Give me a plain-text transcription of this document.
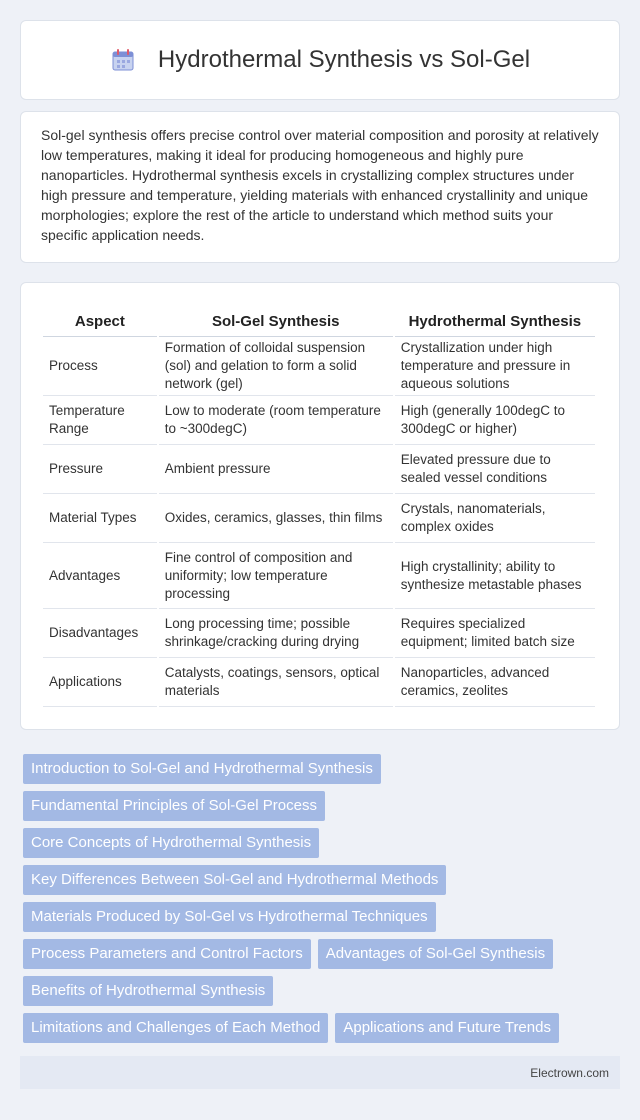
Hydrothermal Synthesis vs Sol-Gel

Sol-gel synthesis offers precise control over material composition and porosity at relatively low temperatures, making it ideal for producing homogeneous and highly pure nanoparticles. Hydrothermal synthesis excels in crystallizing complex structures under high pressure and temperature, yielding materials with enhanced crystallinity and unique morphologies; explore the rest of the article to understand which method suits your specific application needs.

Aspect	Sol-Gel Synthesis	Hydrothermal Synthesis
Process	Formation of colloidal suspension (sol) and gelation to form a solid network (gel)	Crystallization under high temperature and pressure in aqueous solutions
Temperature Range	Low to moderate (room temperature to ~300degC)	High (generally 100degC to 300degC or higher)
Pressure	Ambient pressure	Elevated pressure due to sealed vessel conditions
Material Types	Oxides, ceramics, glasses, thin films	Crystals, nanomaterials, complex oxides
Advantages	Fine control of composition and uniformity; low temperature processing	High crystallinity; ability to synthesize metastable phases
Disadvantages	Long processing time; possible shrinkage/cracking during drying	Requires specialized equipment; limited batch size
Applications	Catalysts, coatings, sensors, optical materials	Nanoparticles, advanced ceramics, zeolites
Introduction to Sol-Gel and Hydrothermal Synthesis
Fundamental Principles of Sol-Gel Process
Core Concepts of Hydrothermal Synthesis
Key Differences Between Sol-Gel and Hydrothermal Methods
Materials Produced by Sol-Gel vs Hydrothermal Techniques
Process Parameters and Control Factors	Advantages of Sol-Gel Synthesis
Benefits of Hydrothermal Synthesis
Limitations and Challenges of Each Method	Applications and Future Trends
Electrown.com
